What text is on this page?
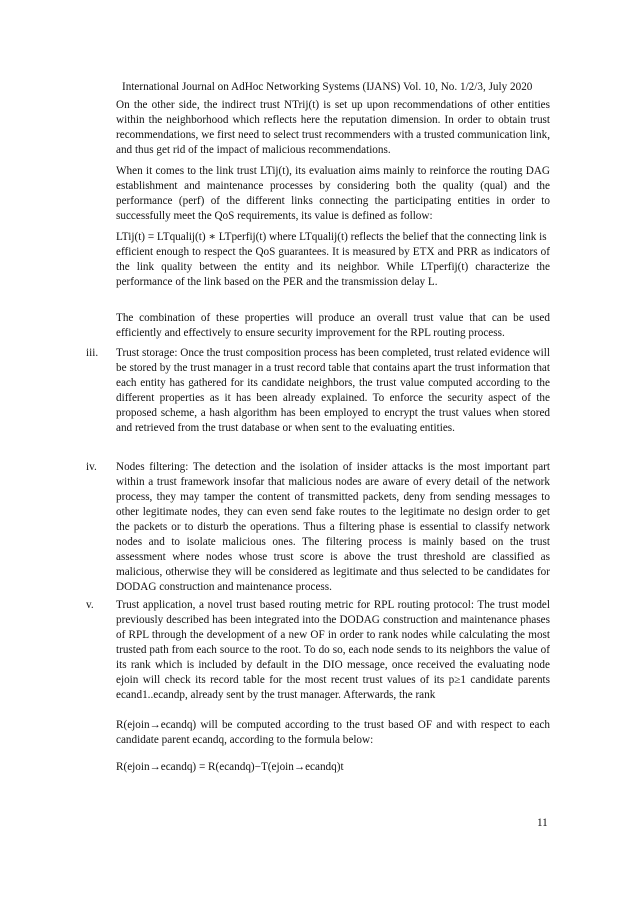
International Journal on AdHoc Networking Systems (IJANS) Vol. 10, No. 1/2/3, July 2020

On the other side, the indirect trust NTrij(t) is set up upon recommendations of other entities within the neighborhood which reflects here the reputation dimension. In order to obtain trust recommendations, we first need to select trust recommenders with a trusted communication link, and thus get rid of the impact of malicious recommendations.

When it comes to the link trust LTij(t), its evaluation aims mainly to reinforce the routing DAG establishment and maintenance processes by considering both the quality (qual) and the performance (perf) of the different links connecting the participating entities in order to successfully meet the QoS requirements, its value is defined as follow:

LTij(t) = LTqualij(t) ∗ LTperfij(t) where LTqualij(t) reflects the belief that the connecting link is

efficient enough to respect the QoS guarantees. It is measured by ETX and PRR as indicators of the link quality between the entity and its neighbor. While LTperfij(t) characterize the performance of the link based on the PER and the transmission delay L.

The combination of these properties will produce an overall trust value that can be used efficiently and effectively to ensure security improvement for the RPL routing process.

iii. Trust storage: Once the trust composition process has been completed, trust related evidence will be stored by the trust manager in a trust record table that contains apart the trust information that each entity has gathered for its candidate neighbors, the trust value computed according to the different properties as it has been already explained. To enforce the security aspect of the proposed scheme, a hash algorithm has been employed to encrypt the trust values when stored and retrieved from the trust database or when sent to the evaluating entities.

iv. Nodes filtering: The detection and the isolation of insider attacks is the most important part within a trust framework insofar that malicious nodes are aware of every detail of the network process, they may tamper the content of transmitted packets, deny from sending messages to other legitimate nodes, they can even send fake routes to the legitimate no design order to get the packets or to disturb the operations. Thus a filtering phase is essential to classify network nodes and to isolate malicious ones. The filtering process is mainly based on the trust assessment where nodes whose trust score is above the trust threshold are classified as malicious, otherwise they will be considered as legitimate and thus selected to be candidates for DODAG construction and maintenance process.

v. Trust application, a novel trust based routing metric for RPL routing protocol: The trust model previously described has been integrated into the DODAG construction and maintenance phases of RPL through the development of a new OF in order to rank nodes while calculating the most trusted path from each source to the root. To do so, each node sends to its neighbors the value of its rank which is included by default in the DIO message, once received the evaluating node ejoin will check its record table for the most recent trust values of its p≥1 candidate parents ecand1..ecandp, already sent by the trust manager. Afterwards, the rank

R(ejoin→ecandq) will be computed according to the trust based OF and with respect to each candidate parent ecandq, according to the formula below:

R(ejoin→ecandq) = R(ecandq)−T(ejoin→ecandq)t

11
